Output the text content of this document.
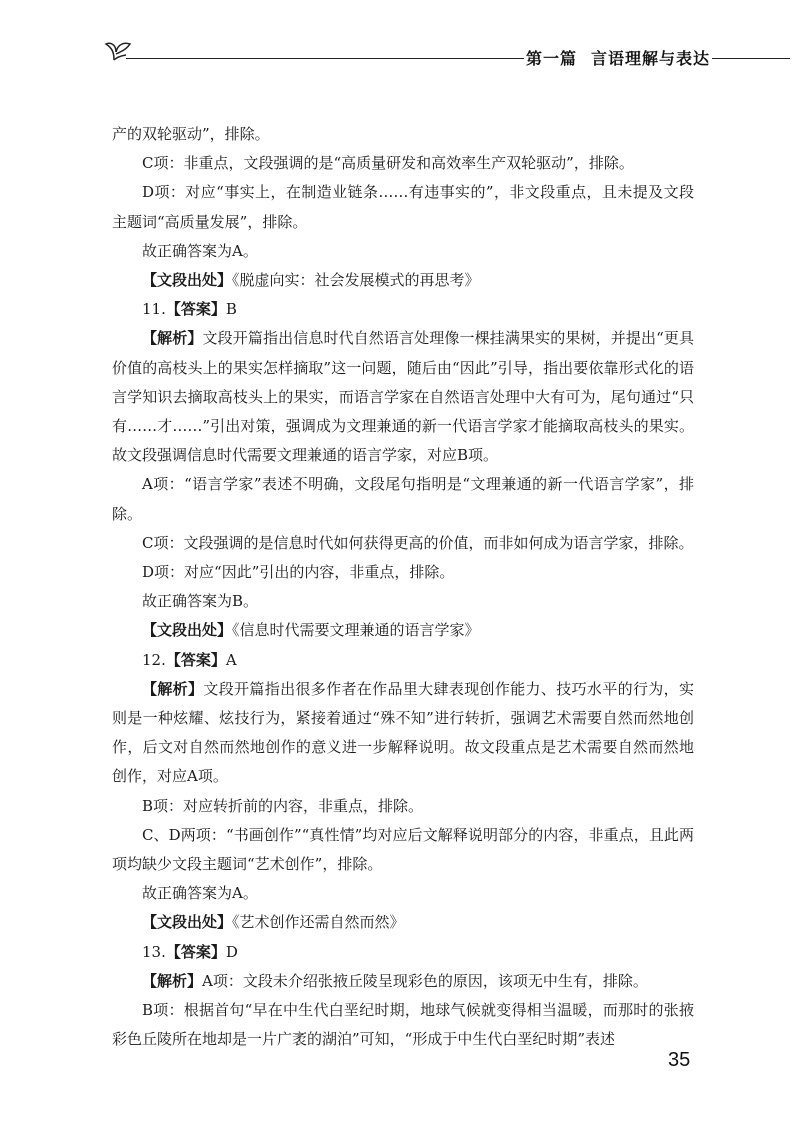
第一篇 言语理解与表达

产的双轮驱动”，排除。

C项：非重点，文段强调的是“高质量研发和高效率生产双轮驱动”，排除。

D项：对应“事实上，在制造业链条……有违事实的”，非文段重点，且未提及文段主题词“高质量发展”，排除。

故正确答案为A。

【文段出处】《脱虚向实：社会发展模式的再思考》

11.【答案】B

【解析】文段开篇指出信息时代自然语言处理像一棵挂满果实的果树，并提出“更具价值的高枝头上的果实怎样摘取”这一问题，随后由“因此”引导，指出要依靠形式化的语言学知识去摘取高枝头上的果实，而语言学家在自然语言处理中大有可为，尾句通过“只有……才……”引出对策，强调成为文理兼通的新一代语言学家才能摘取高枝头的果实。故文段强调信息时代需要文理兼通的语言学家，对应B项。

A项：“语言学家”表述不明确，文段尾句指明是“文理兼通的新一代语言学家”，排除。

C项：文段强调的是信息时代如何获得更高的价值，而非如何成为语言学家，排除。

D项：对应“因此”引出的内容，非重点，排除。

故正确答案为B。

【文段出处】《信息时代需要文理兼通的语言学家》

12.【答案】A

【解析】文段开篇指出很多作者在作品里大肆表现创作能力、技巧水平的行为，实则是一种炫耀、炫技行为，紧接着通过“殊不知”进行转折，强调艺术需要自然而然地创作，后文对自然而然地创作的意义进一步解释说明。故文段重点是艺术需要自然而然地创作，对应A项。

B项：对应转折前的内容，非重点，排除。

C、D两项：“书画创作”“真性情”均对应后文解释说明部分的内容，非重点，且此两项均缺少文段主题词“艺术创作”，排除。

故正确答案为A。

【文段出处】《艺术创作还需自然而然》

13.【答案】D

【解析】A项：文段未介绍张掖丘陵呈现彩色的原因，该项无中生有，排除。

B项：根据首句“早在中生代白垩纪时期，地球气候就变得相当温暖，而那时的张掖彩色丘陵所在地却是一片广袤的湖泊”可知，“形成于中生代白垩纪时期”表述

35
